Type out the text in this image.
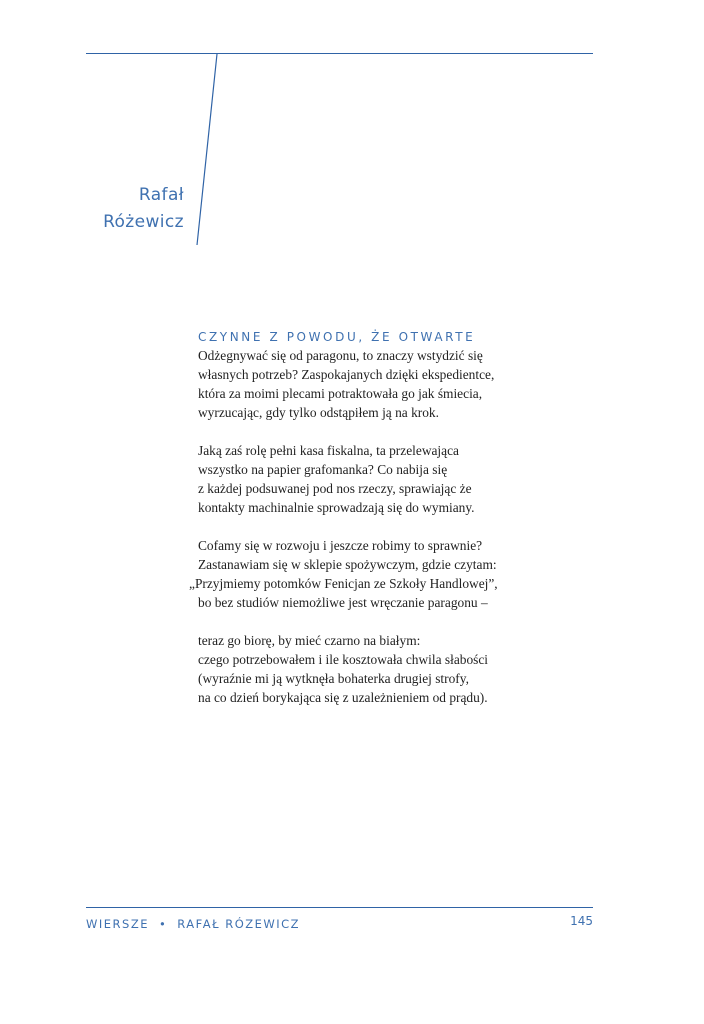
Rafał
Różewicz

CZYNNE Z POWODU, ŻE OTWARTE

Odżegnywać się od paragonu, to znaczy wstydzić się
własnych potrzeb? Zaspokajanych dzięki ekspedientce,
która za moimi plecami potraktowała go jak śmiecia,
wyrzucając, gdy tylko odstąpiłem ją na krok.
Jaką zaś rolę pełni kasa fiskalna, ta przelewająca
wszystko na papier grafomanka? Co nabija się
z każdej podsuwanej pod nos rzeczy, sprawiając że
kontakty machinalnie sprowadzają się do wymiany.
Cofamy się w rozwoju i jeszcze robimy to sprawnie?
Zastanawiam się w sklepie spożywczym, gdzie czytam:
„Przyjmiemy potomków Fenicjan ze Szkoły Handlowej”,
bo bez studiów niemożliwe jest wręczanie paragonu –
teraz go biorę, by mieć czarno na białym:
czego potrzebowałem i ile kosztowała chwila słabości
(wyraźnie mi ją wytknęła bohaterka drugiej strofy,
na co dzień borykająca się z uzależnieniem od prądu).
WIERSZE • RAFAŁ RÓZEWICZ	145
